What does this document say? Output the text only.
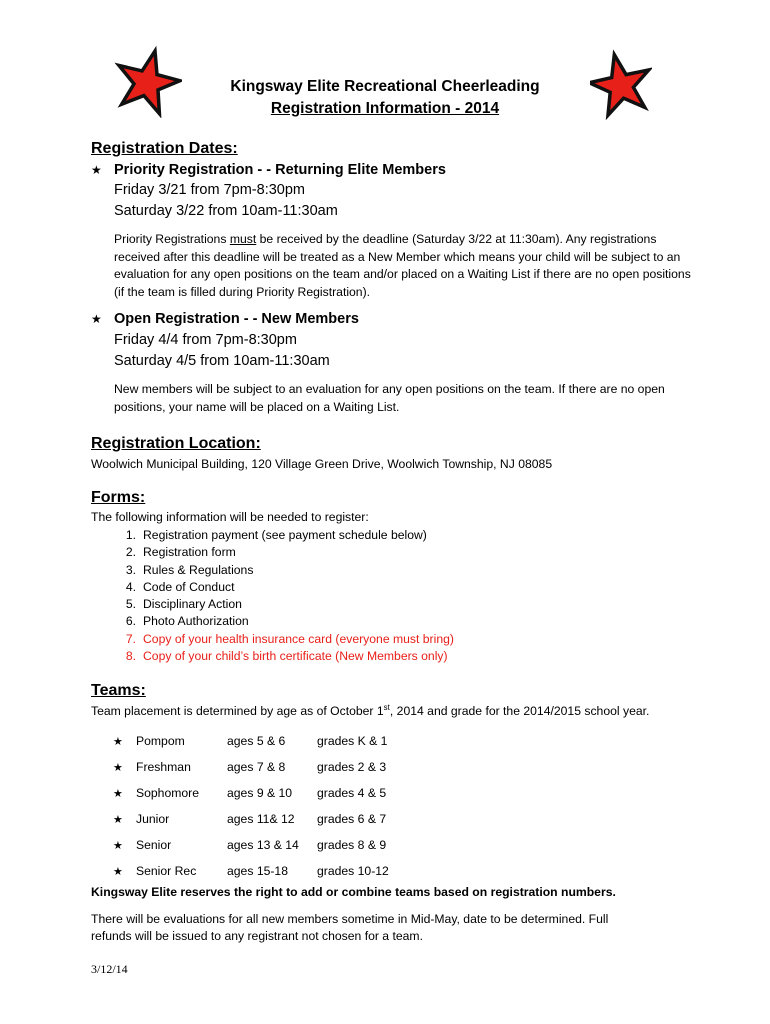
Kingsway Elite Recreational Cheerleading
Registration Information - 2014
Registration Dates:
★ Priority Registration - - Returning Elite Members
Friday 3/21 from 7pm-8:30pm
Saturday 3/22 from 10am-11:30am
Priority Registrations must be received by the deadline (Saturday 3/22 at 11:30am). Any registrations received after this deadline will be treated as a New Member which means your child will be subject to an evaluation for any open positions on the team and/or placed on a Waiting List if there are no open positions (if the team is filled during Priority Registration).
★ Open Registration - - New Members
Friday 4/4 from 7pm-8:30pm
Saturday 4/5 from 10am-11:30am
New members will be subject to an evaluation for any open positions on the team. If there are no open positions, your name will be placed on a Waiting List.
Registration Location:
Woolwich Municipal Building, 120 Village Green Drive, Woolwich Township, NJ 08085
Forms:
The following information will be needed to register:
1. Registration payment (see payment schedule below)
2. Registration form
3. Rules & Regulations
4. Code of Conduct
5. Disciplinary Action
6. Photo Authorization
7. Copy of your health insurance card (everyone must bring)
8. Copy of your child’s birth certificate (New Members only)
Teams:
Team placement is determined by age as of October 1st, 2014 and grade for the 2014/2015 school year.
★	Pompom	ages 5 & 6	grades K & 1
★	Freshman	ages 7 & 8	grades 2 & 3
★	Sophomore	ages 9 & 10	grades 4 & 5
★	Junior	ages 11& 12	grades 6 & 7
★	Senior	ages 13 & 14	grades 8 & 9
★	Senior Rec	ages 15-18	grades 10-12
Kingsway Elite reserves the right to add or combine teams based on registration numbers.
There will be evaluations for all new members sometime in Mid-May, date to be determined. Full
refunds will be issued to any registrant not chosen for a team.
3/12/14
